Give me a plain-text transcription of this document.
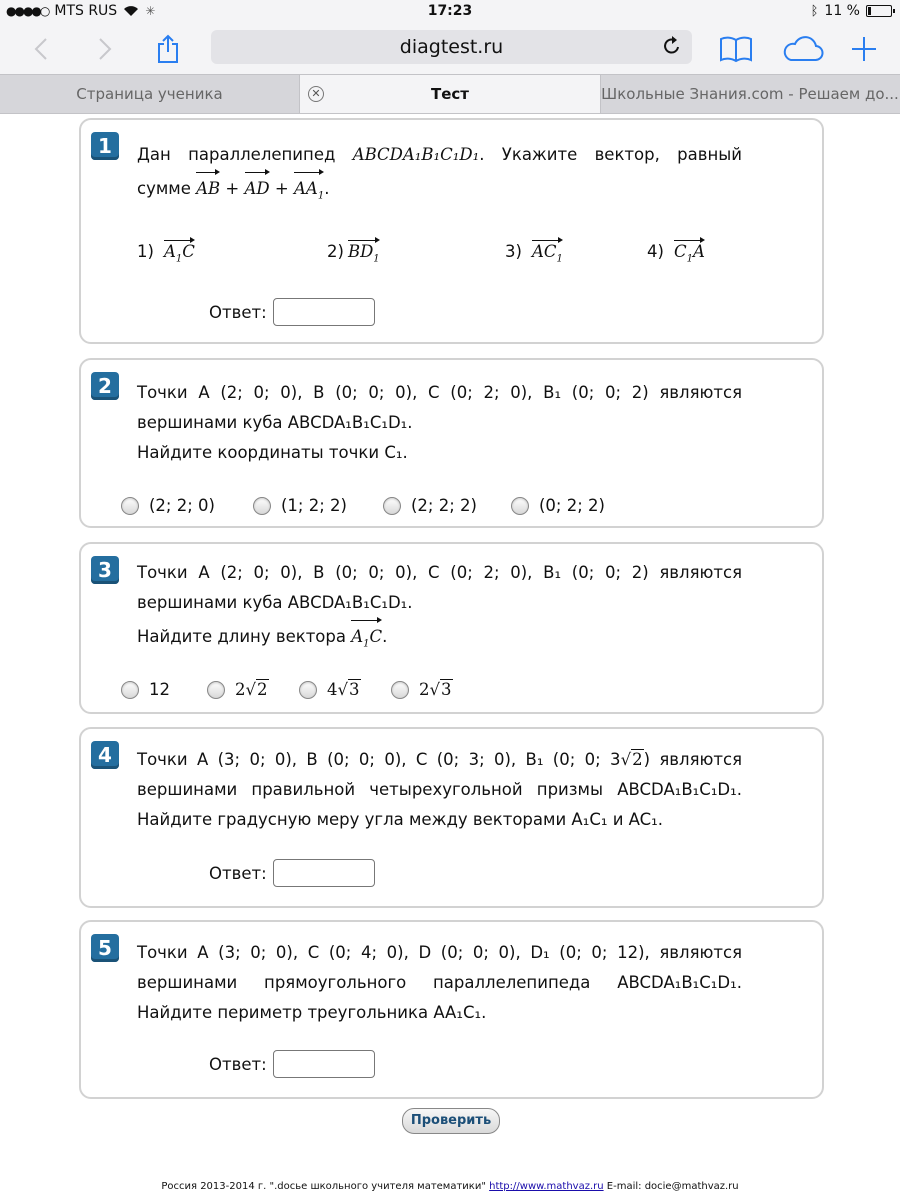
●●●●○ MTS RUS ✳	17:23	ᛒ 11 %
diagtest.ru
Страница ученика	✕	Тест	Школьные Знания.com - Решаем до...
1	Дан параллелепипед ABCDA₁B₁C₁D₁. Укажите вектор, равный

сумме AB + AD + $AA_1$.

1) $A_1C$	2) $BD_1$	3) $AC_1$	4) $C_1A$
Ответ:
2	Точки A (2; 0; 0), B (0; 0; 0), C (0; 2; 0), B₁ (0; 0; 2) являются

вершинами куба ABCDA₁B₁C₁D₁.

Найдите координаты точки C₁.

(2; 2; 0)	(1; 2; 2)	(2; 2; 2)	(0; 2; 2)
3	Точки A (2; 0; 0), B (0; 0; 0), C (0; 2; 0), B₁ (0; 0; 2) являются

вершинами куба ABCDA₁B₁C₁D₁.

Найдите длину вектора $A_1C$.

12	2√2	4√3	2√3
4	Точки A (3; 0; 0), B (0; 0; 0), C (0; 3; 0), B₁ (0; 0; 3√2) являются

вершинами правильной четырехугольной призмы ABCDA₁B₁C₁D₁.

Найдите градусную меру угла между векторами A₁C₁ и AC₁.

Ответ:
5	Точки A (3; 0; 0), C (0; 4; 0), D (0; 0; 0), D₁ (0; 0; 12), являются

вершинами прямоугольного параллелепипеда ABCDA₁B₁C₁D₁.

Найдите периметр треугольника AA₁C₁.

Ответ:
Проверить
Россия 2013-2014 г. ".docье школьного учителя математики" http://www.mathvaz.ru E-mail: docie@mathvaz.ru
